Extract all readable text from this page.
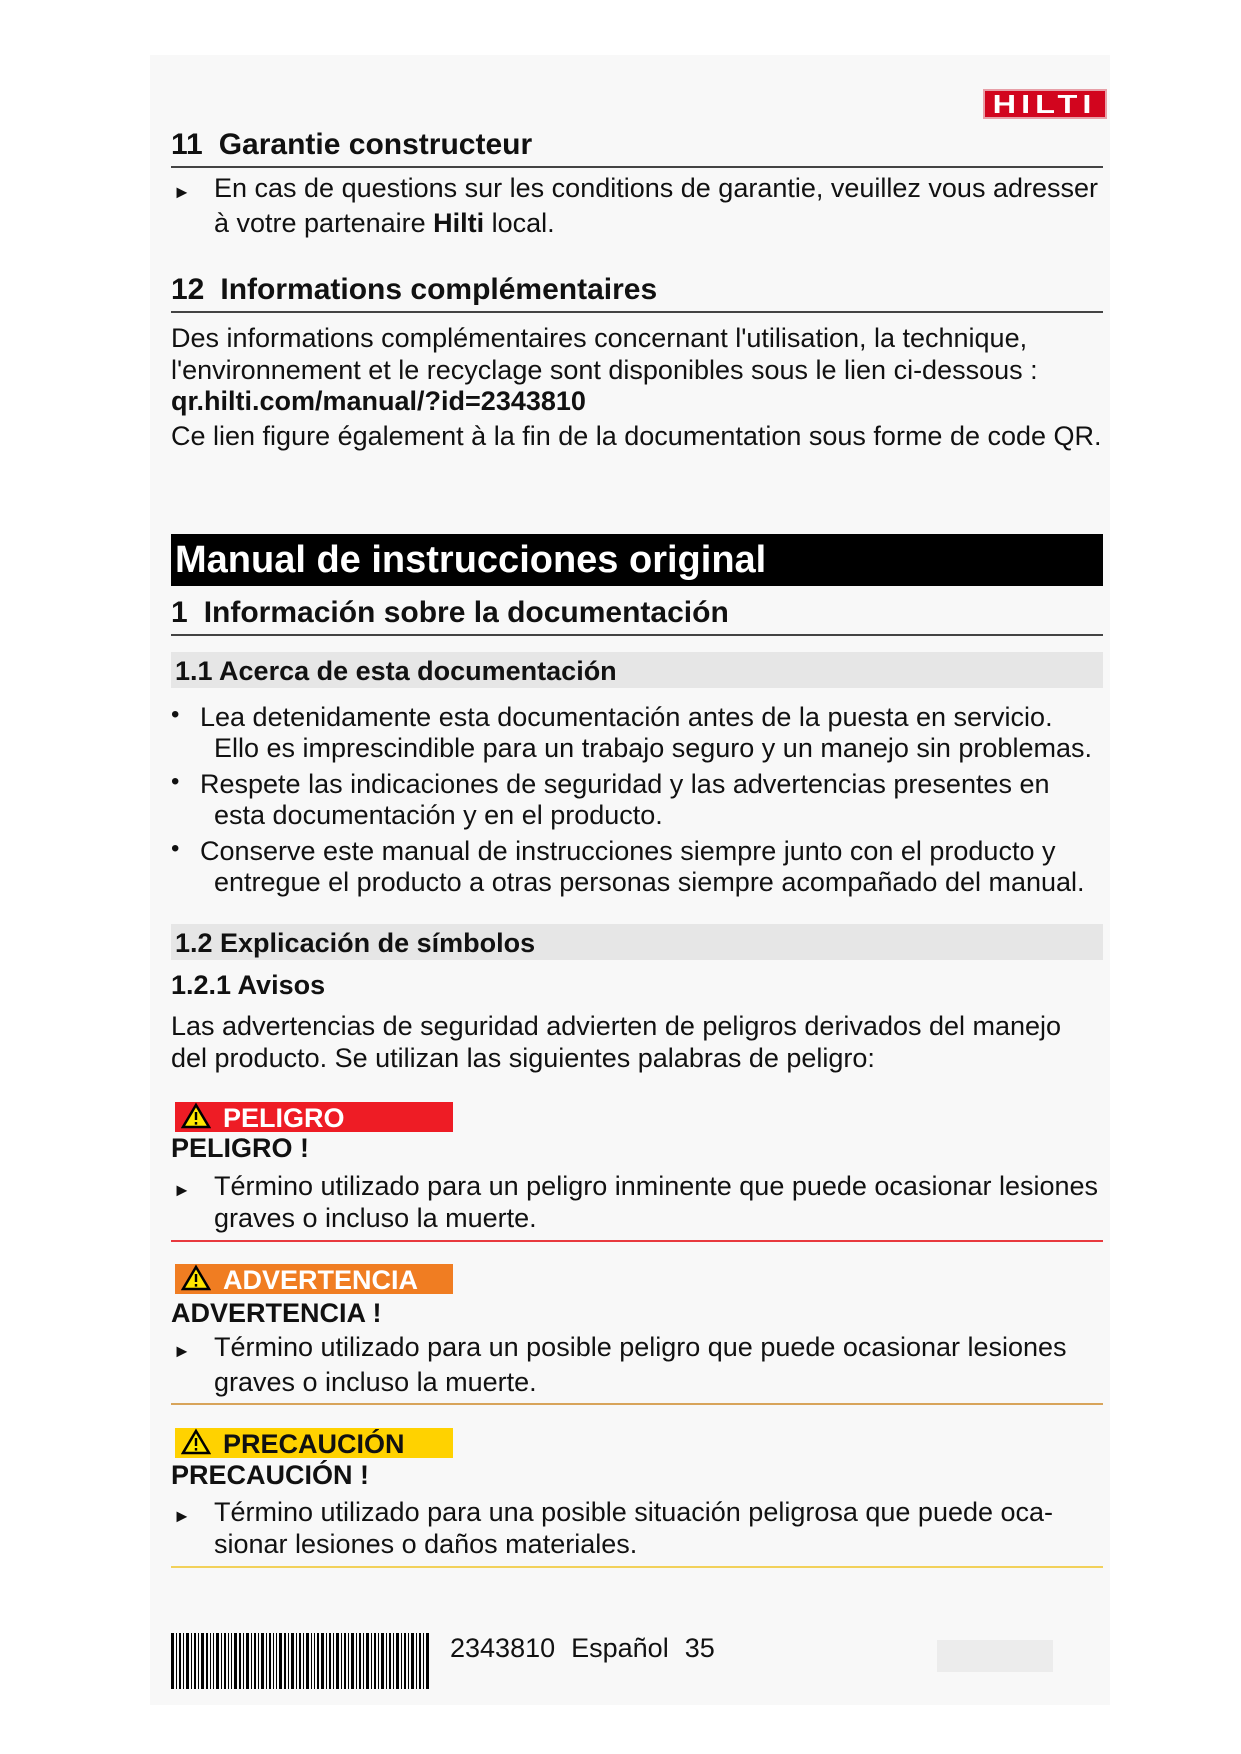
HILTI
11 Garantie constructeur
► En cas de questions sur les conditions de garantie, veuillez vous adresser
à votre partenaire Hilti local.
12 Informations complémentaires
Des informations complémentaires concernant l'utilisation, la technique,
l'environnement et le recyclage sont disponibles sous le lien ci-dessous :
qr.hilti.com/manual/?id=2343810
Ce lien figure également à la fin de la documentation sous forme de code QR.
Manual de instrucciones original
1 Información sobre la documentación
1.1 Acerca de esta documentación
• Lea detenidamente esta documentación antes de la puesta en servicio.
Ello es imprescindible para un trabajo seguro y un manejo sin problemas.
• Respete las indicaciones de seguridad y las advertencias presentes en
esta documentación y en el producto.
• Conserve este manual de instrucciones siempre junto con el producto y
entregue el producto a otras personas siempre acompañado del manual.
1.2 Explicación de símbolos
1.2.1 Avisos
Las advertencias de seguridad advierten de peligros derivados del manejo
del producto. Se utilizan las siguientes palabras de peligro:
PELIGRO
PELIGRO !
► Término utilizado para un peligro inminente que puede ocasionar lesiones
graves o incluso la muerte.
ADVERTENCIA
ADVERTENCIA !
► Término utilizado para un posible peligro que puede ocasionar lesiones
graves o incluso la muerte.
PRECAUCIÓN
PRECAUCIÓN !
► Término utilizado para una posible situación peligrosa que puede oca-
sionar lesiones o daños materiales.
2343810 Español 35
